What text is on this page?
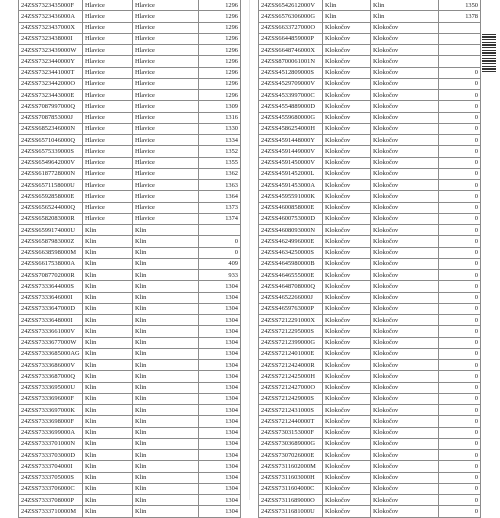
24ZSS7323435000F	Hlavice	Hlavice	1296
24ZSS7323436000A	Hlavice	Hlavice	1296
24ZSS7323437000X	Hlavice	Hlavice	1296
24ZSS7323438000I	Hlavice	Hlavice	1296
24ZSS7323439000W	Hlavice	Hlavice	1296
24ZSS7323440000Y	Hlavice	Hlavice	1296
24ZSS7323441000T	Hlavice	Hlavice	1296
24ZSS7323442000O	Hlavice	Hlavice	1296
24ZSS7323443000E	Hlavice	Hlavice	1296
24ZSS7087997000Q	Hlavice	Hlavice	1309
24ZSS7087853000J	Hlavice	Hlavice	1316
24ZSS6852346000N	Hlavice	Hlavice	1330
24ZSS6571046000Q	Hlavice	Hlavice	1334
24ZSS6575339000S	Hlavice	Hlavice	1352
24ZSS6549642000V	Hlavice	Hlavice	1355
24ZSS6187728000N	Hlavice	Hlavice	1362
24ZSS6571158000U	Hlavice	Hlavice	1363
24ZSS6592858000E	Hlavice	Hlavice	1364
24ZSS6565244000Q	Hlavice	Hlavice	1373
24ZSS6582083000R	Hlavice	Hlavice	1374
24ZSS6599174000U	Klin	Klin	
24ZSS6587983000Z	Klin	Klin	0
24ZSS6638598000M	Klin	Klin	0
24ZSS6617538000A	Klin	Klin	409
24ZSS7087702000R	Klin	Klin	933
24ZSS7333644000S	Klin	Klin	1304
24ZSS7333646000I	Klin	Klin	1304
24ZSS7333647000D	Klin	Klin	1304
24ZSS7333648000I	Klin	Klin	1304
24ZSS7333661000V	Klin	Klin	1304
24ZSS7333677000W	Klin	Klin	1304
24ZSS7333685000AG	Klin	Klin	1304
24ZSS7333686000V	Klin	Klin	1304
24ZSS7333687000Q	Klin	Klin	1304
24ZSS7333695000U	Klin	Klin	1304
24ZSS7333696000F	Klin	Klin	1304
24ZSS7333697000K	Klin	Klin	1304
24ZSS7333698000F	Klin	Klin	1304
24ZSS7333699000A	Klin	Klin	1304
24ZSS7333701000N	Klin	Klin	1304
24ZSS7333703000D	Klin	Klin	1304
24ZSS7333704000I	Klin	Klin	1304
24ZSS7333705000S	Klin	Klin	1304
24ZSS7333706000C	Klin	Klin	1304
24ZSS7333708000P	Klin	Klin	1304
24ZSS7333710000M	Klin	Klin	1304

24ZSS6542612000V	Klin	Klin	1350
24ZSS6576306000G	Klin	Klin	1378
24ZSS6633727000O	Klokočov	Klokočov	
24ZSS6644859000P	Klokočov	Klokočov	
24ZSS6648746000X	Klokočov	Klokočov	
24ZSS8700061001N	Klokočov	Klokočov	
24ZSS4512809000S	Klokočov	Klokočov	0
24ZSS4529709000V	Klokočov	Klokočov	0
24ZSS4533997000C	Klokočov	Klokočov	0
24ZSS4554889000D	Klokočov	Klokočov	0
24ZSS4559680000G	Klokočov	Klokočov	0
24ZSS4586254000H	Klokočov	Klokočov	0
24ZSS4591448000Y	Klokočov	Klokočov	0
24ZSS4591449000V	Klokočov	Klokočov	0
24ZSS4591450000V	Klokočov	Klokočov	0
24ZSS4591452000L	Klokočov	Klokočov	0
24ZSS4591453000A	Klokočov	Klokočov	0
24ZSS4595591000K	Klokočov	Klokočov	0
24ZSS4600858000E	Klokočov	Klokočov	0
24ZSS4600753000D	Klokočov	Klokočov	0
24ZSS4608093000N	Klokočov	Klokočov	0
24ZSS4624996000E	Klokočov	Klokočov	0
24ZSS4634250000S	Klokočov	Klokočov	0
24ZSS4645980000B	Klokočov	Klokočov	0
24ZSS4646555000E	Klokočov	Klokočov	0
24ZSS4648708000Q	Klokočov	Klokočov	0
24ZSS4652266000J	Klokočov	Klokočov	0
24ZSS4659763000P	Klokočov	Klokočov	0
24ZSS7212291000X	Klokočov	Klokočov	0
24ZSS7212295000S	Klokočov	Klokočov	0
24ZSS7212399000G	Klokočov	Klokočov	0
24ZSS7212401000E	Klokočov	Klokočov	0
24ZSS7212424000R	Klokočov	Klokočov	0
24ZSS7212425000H	Klokočov	Klokočov	0
24ZSS7212427000O	Klokočov	Klokočov	0
24ZSS7212429000S	Klokočov	Klokočov	0
24ZSS7212431000S	Klokočov	Klokočov	0
24ZSS7212440000T	Klokočov	Klokočov	0
24ZSS7303153000F	Klokočov	Klokočov	0
24ZSS7303689000G	Klokočov	Klokočov	0
24ZSS7307026000E	Klokočov	Klokočov	0
24ZSS7311602000M	Klokočov	Klokočov	0
24ZSS7311603000H	Klokočov	Klokočov	0
24ZSS7311604000C	Klokočov	Klokočov	0
24ZSS7311689000O	Klokočov	Klokočov	0
24ZSS7311681000U	Klokočov	Klokočov	0
